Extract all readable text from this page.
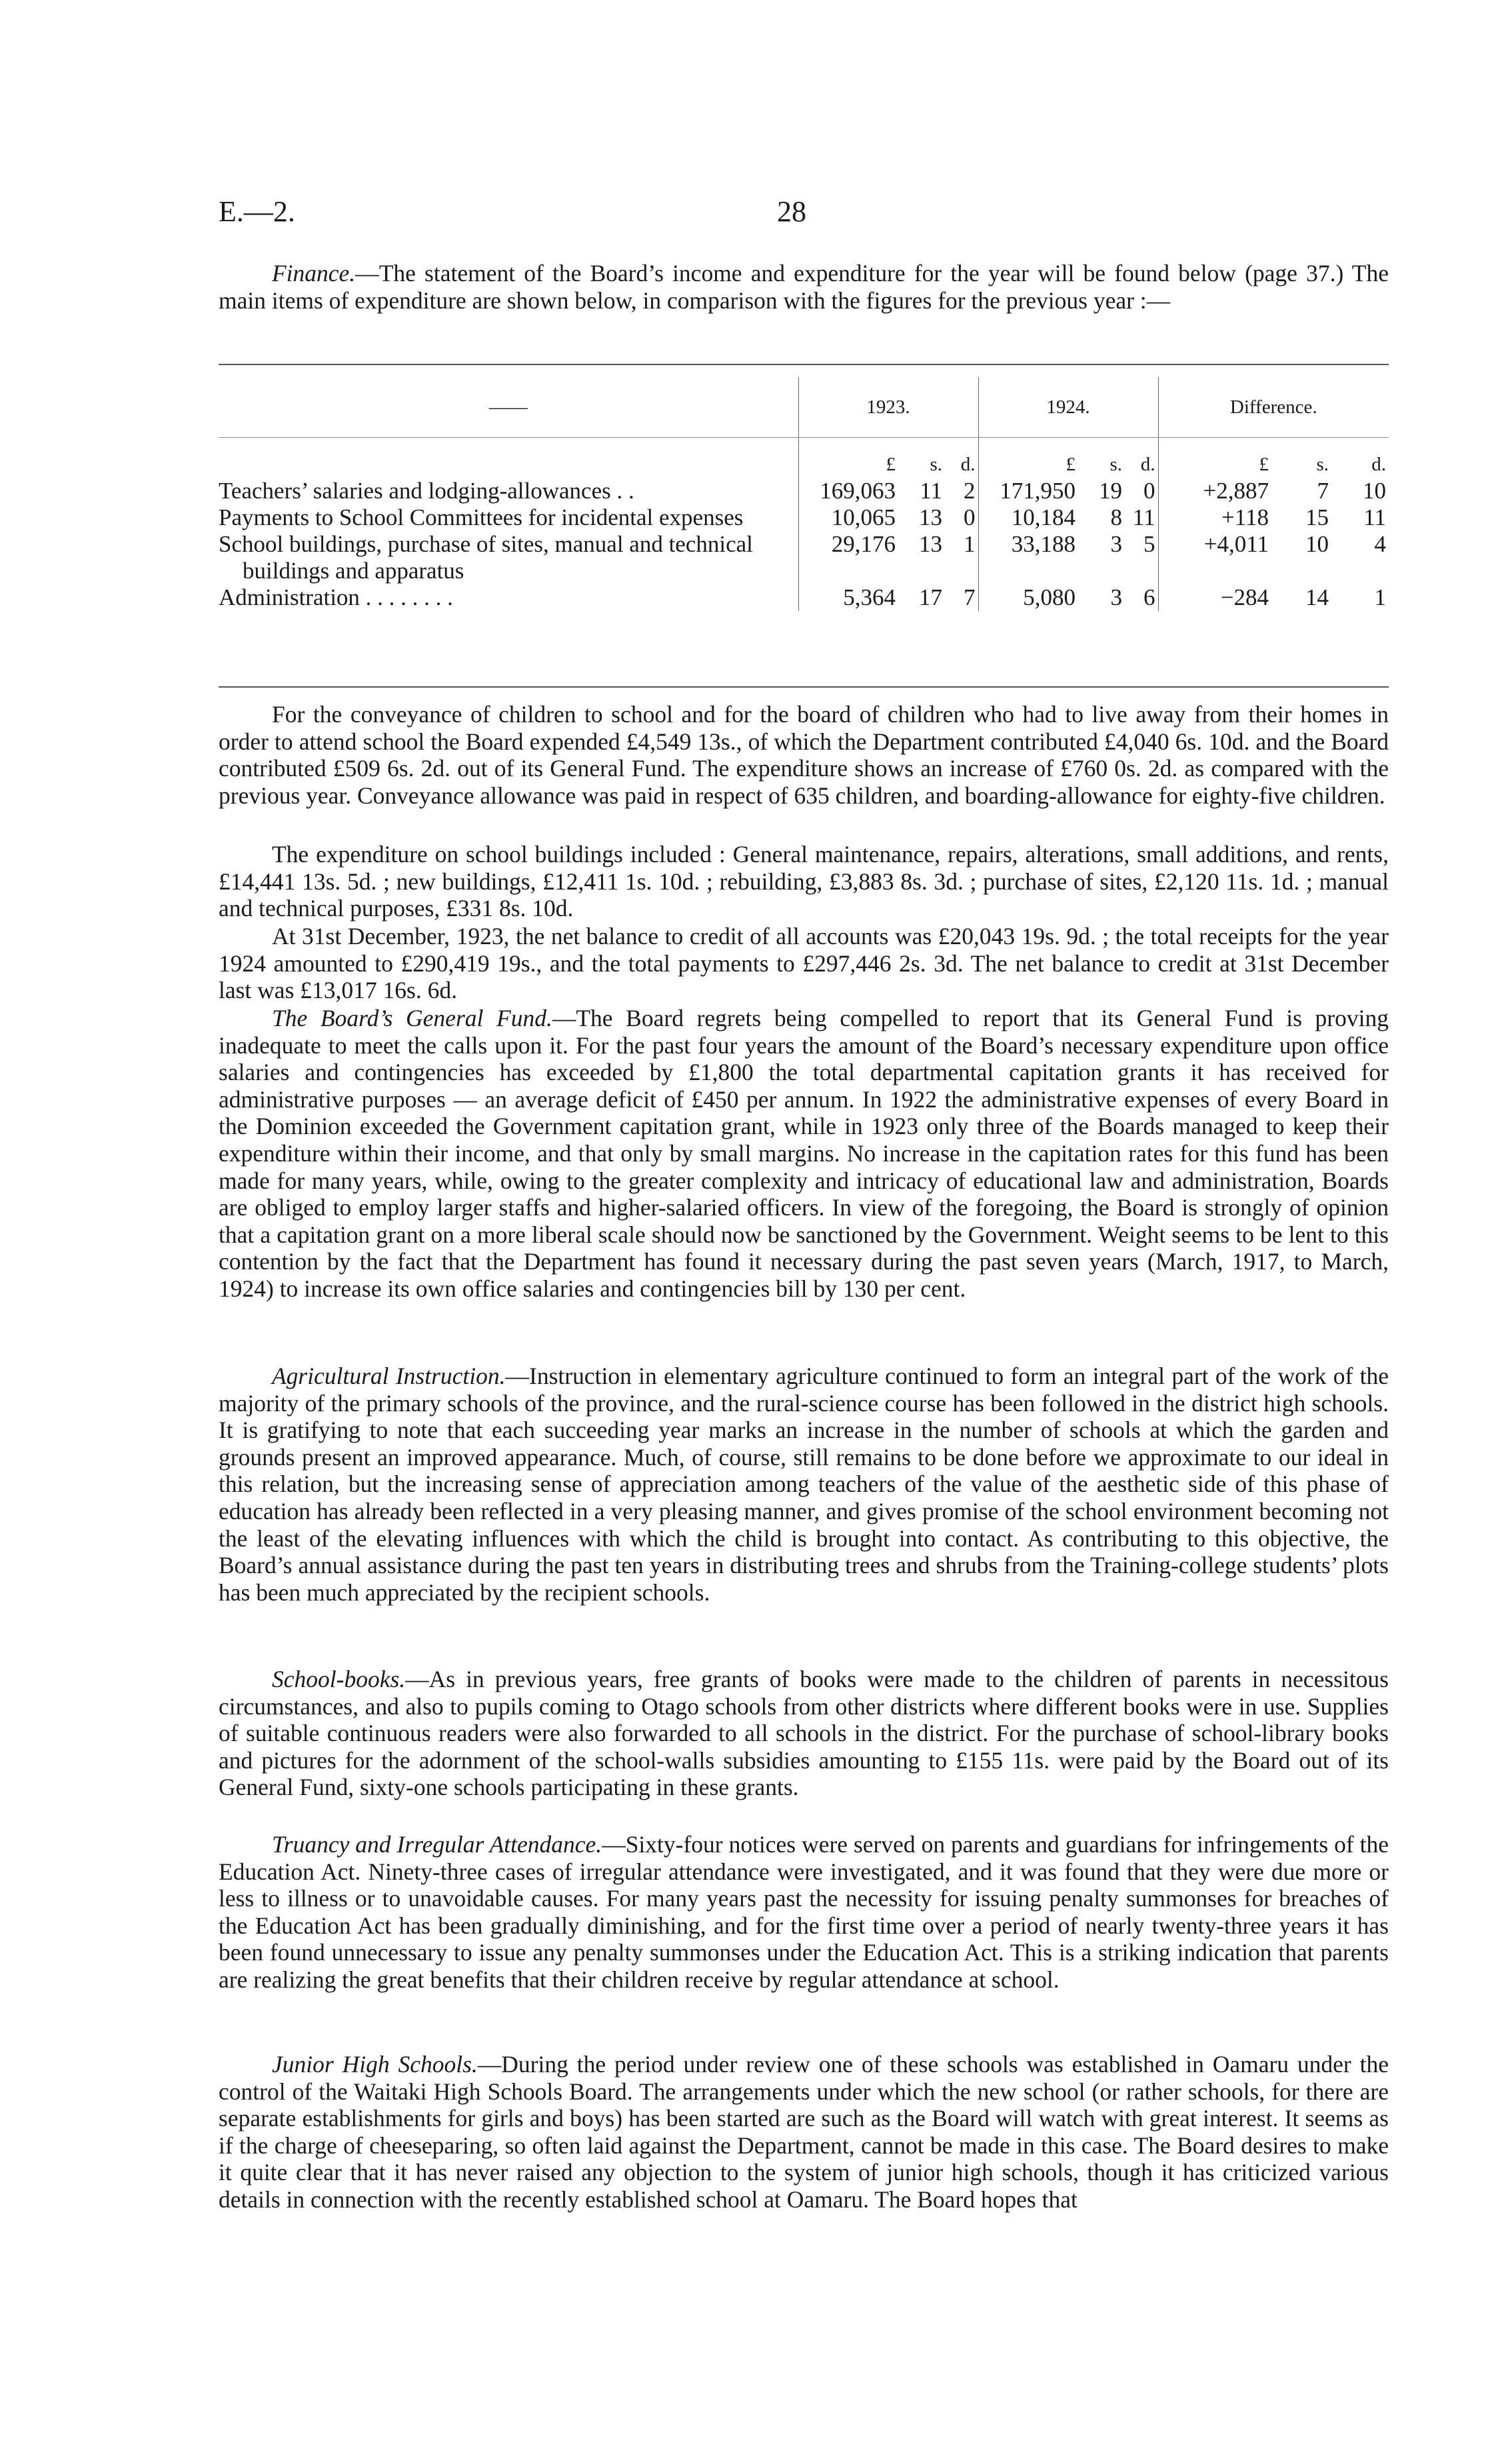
E.—2.	28

Finance.—The statement of the Board’s income and expenditure for the year will be found below (page 37.) The main items of expenditure are shown below, in comparison with the figures for the previous year :—

——	1923.			1924.			Difference.		
	£	s.	d.	£	s.	d.	£	s.	d.

Teachers’ salaries and lodging-allowances . .	169,063	11	2	171,950	19	0	+2,887	7	10

Payments to School Committees for incidental expenses	10,065	13	0	10,184	8	11	+118	15	11

School buildings, purchase of sites, manual and technical buildings and apparatus	29,176	13	1	33,188	3	5	+4,011	10	4

Administration . . . . . . . .	5,364	17	7	5,080	3	6	−284	14	1

For the conveyance of children to school and for the board of children who had to live away from their homes in order to attend school the Board expended £4,549 13s., of which the Department contributed £4,040 6s. 10d. and the Board contributed £509 6s. 2d. out of its General Fund. The expenditure shows an increase of £760 0s. 2d. as compared with the previous year. Conveyance allowance was paid in respect of 635 children, and boarding-allowance for eighty-five children.

The expenditure on school buildings included : General maintenance, repairs, alterations, small additions, and rents, £14,441 13s. 5d. ; new buildings, £12,411 1s. 10d. ; rebuilding, £3,883 8s. 3d. ; purchase of sites, £2,120 11s. 1d. ; manual and technical purposes, £331 8s. 10d.

At 31st December, 1923, the net balance to credit of all accounts was £20,043 19s. 9d. ; the total receipts for the year 1924 amounted to £290,419 19s., and the total payments to £297,446 2s. 3d. The net balance to credit at 31st December last was £13,017 16s. 6d.

The Board’s General Fund.—The Board regrets being compelled to report that its General Fund is proving inadequate to meet the calls upon it. For the past four years the amount of the Board’s necessary expenditure upon office salaries and contingencies has exceeded by £1,800 the total departmental capitation grants it has received for administrative purposes — an average deficit of £450 per annum. In 1922 the administrative expenses of every Board in the Dominion exceeded the Government capitation grant, while in 1923 only three of the Boards managed to keep their expenditure within their income, and that only by small margins. No increase in the capitation rates for this fund has been made for many years, while, owing to the greater complexity and intricacy of educational law and administration, Boards are obliged to employ larger staffs and higher-salaried officers. In view of the foregoing, the Board is strongly of opinion that a capitation grant on a more liberal scale should now be sanctioned by the Government. Weight seems to be lent to this contention by the fact that the Department has found it necessary during the past seven years (March, 1917, to March, 1924) to increase its own office salaries and contingencies bill by 130 per cent.

Agricultural Instruction.—Instruction in elementary agriculture continued to form an integral part of the work of the majority of the primary schools of the province, and the rural-science course has been followed in the district high schools. It is gratifying to note that each succeeding year marks an increase in the number of schools at which the garden and grounds present an improved appearance. Much, of course, still remains to be done before we approximate to our ideal in this relation, but the increasing sense of appreciation among teachers of the value of the aesthetic side of this phase of education has already been reflected in a very pleasing manner, and gives promise of the school environment becoming not the least of the elevating influences with which the child is brought into contact. As contributing to this objective, the Board’s annual assistance during the past ten years in distributing trees and shrubs from the Training-college students’ plots has been much appreciated by the recipient schools.

School-books.—As in previous years, free grants of books were made to the children of parents in necessitous circumstances, and also to pupils coming to Otago schools from other districts where different books were in use. Supplies of suitable continuous readers were also forwarded to all schools in the district. For the purchase of school-library books and pictures for the adornment of the school-walls subsidies amounting to £155 11s. were paid by the Board out of its General Fund, sixty-one schools participating in these grants.

Truancy and Irregular Attendance.—Sixty-four notices were served on parents and guardians for infringements of the Education Act. Ninety-three cases of irregular attendance were investigated, and it was found that they were due more or less to illness or to unavoidable causes. For many years past the necessity for issuing penalty summonses for breaches of the Education Act has been gradually diminishing, and for the first time over a period of nearly twenty-three years it has been found unnecessary to issue any penalty summonses under the Education Act. This is a striking indication that parents are realizing the great benefits that their children receive by regular attendance at school.

Junior High Schools.—During the period under review one of these schools was established in Oamaru under the control of the Waitaki High Schools Board. The arrangements under which the new school (or rather schools, for there are separate establishments for girls and boys) has been started are such as the Board will watch with great interest. It seems as if the charge of cheeseparing, so often laid against the Department, cannot be made in this case. The Board desires to make it quite clear that it has never raised any objection to the system of junior high schools, though it has criticized various details in connection with the recently established school at Oamaru. The Board hopes that
